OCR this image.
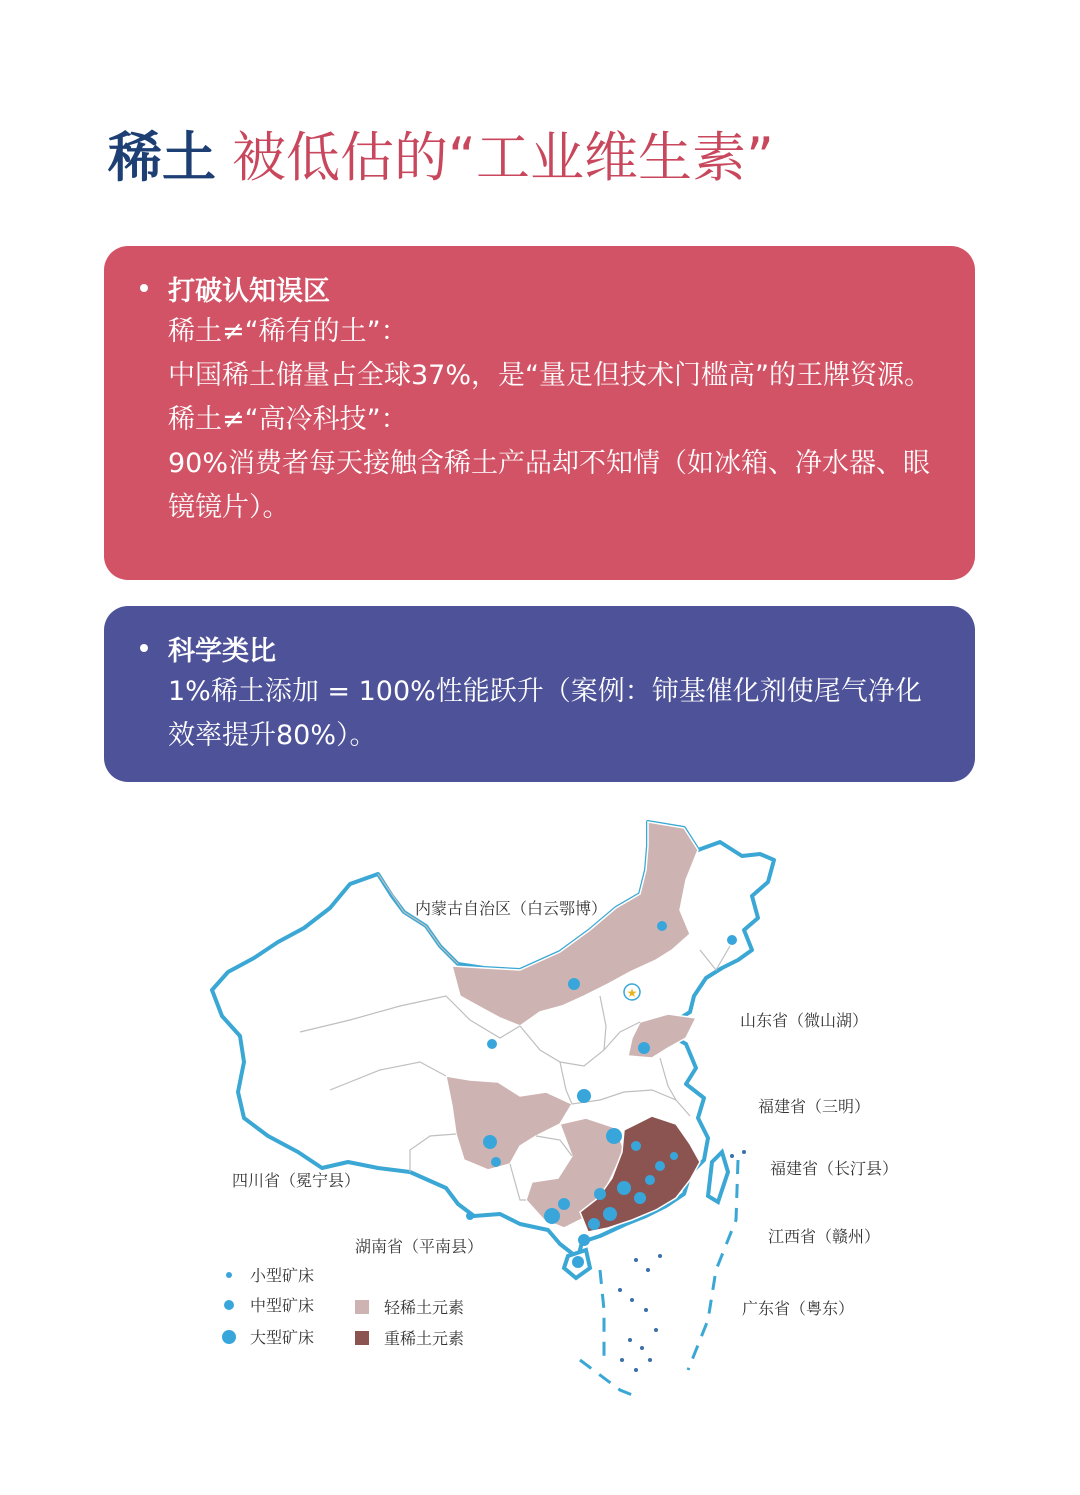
稀土 被低估的“工业维生素”
打破认知误区
稀土≠“稀有的土”：
中国稀土储量占全球37%，是“量足但技术门槛高”的王牌资源。
稀土≠“高冷科技”：
90%消费者每天接触含稀土产品却不知情（如冰箱、净水器、眼
镜镜片）。
科学类比
1%稀土添加 = 100%性能跃升（案例：铈基催化剂使尾气净化
效率提升80%）。
★
内蒙古自治区（白云鄂博）
山东省（微山湖）
福建省（三明）
福建省（长汀县）
四川省（冕宁县）
江西省（赣州）
湖南省（平南县）
广东省（粤东）
小型矿床
中型矿床
大型矿床
轻稀土元素
重稀土元素
